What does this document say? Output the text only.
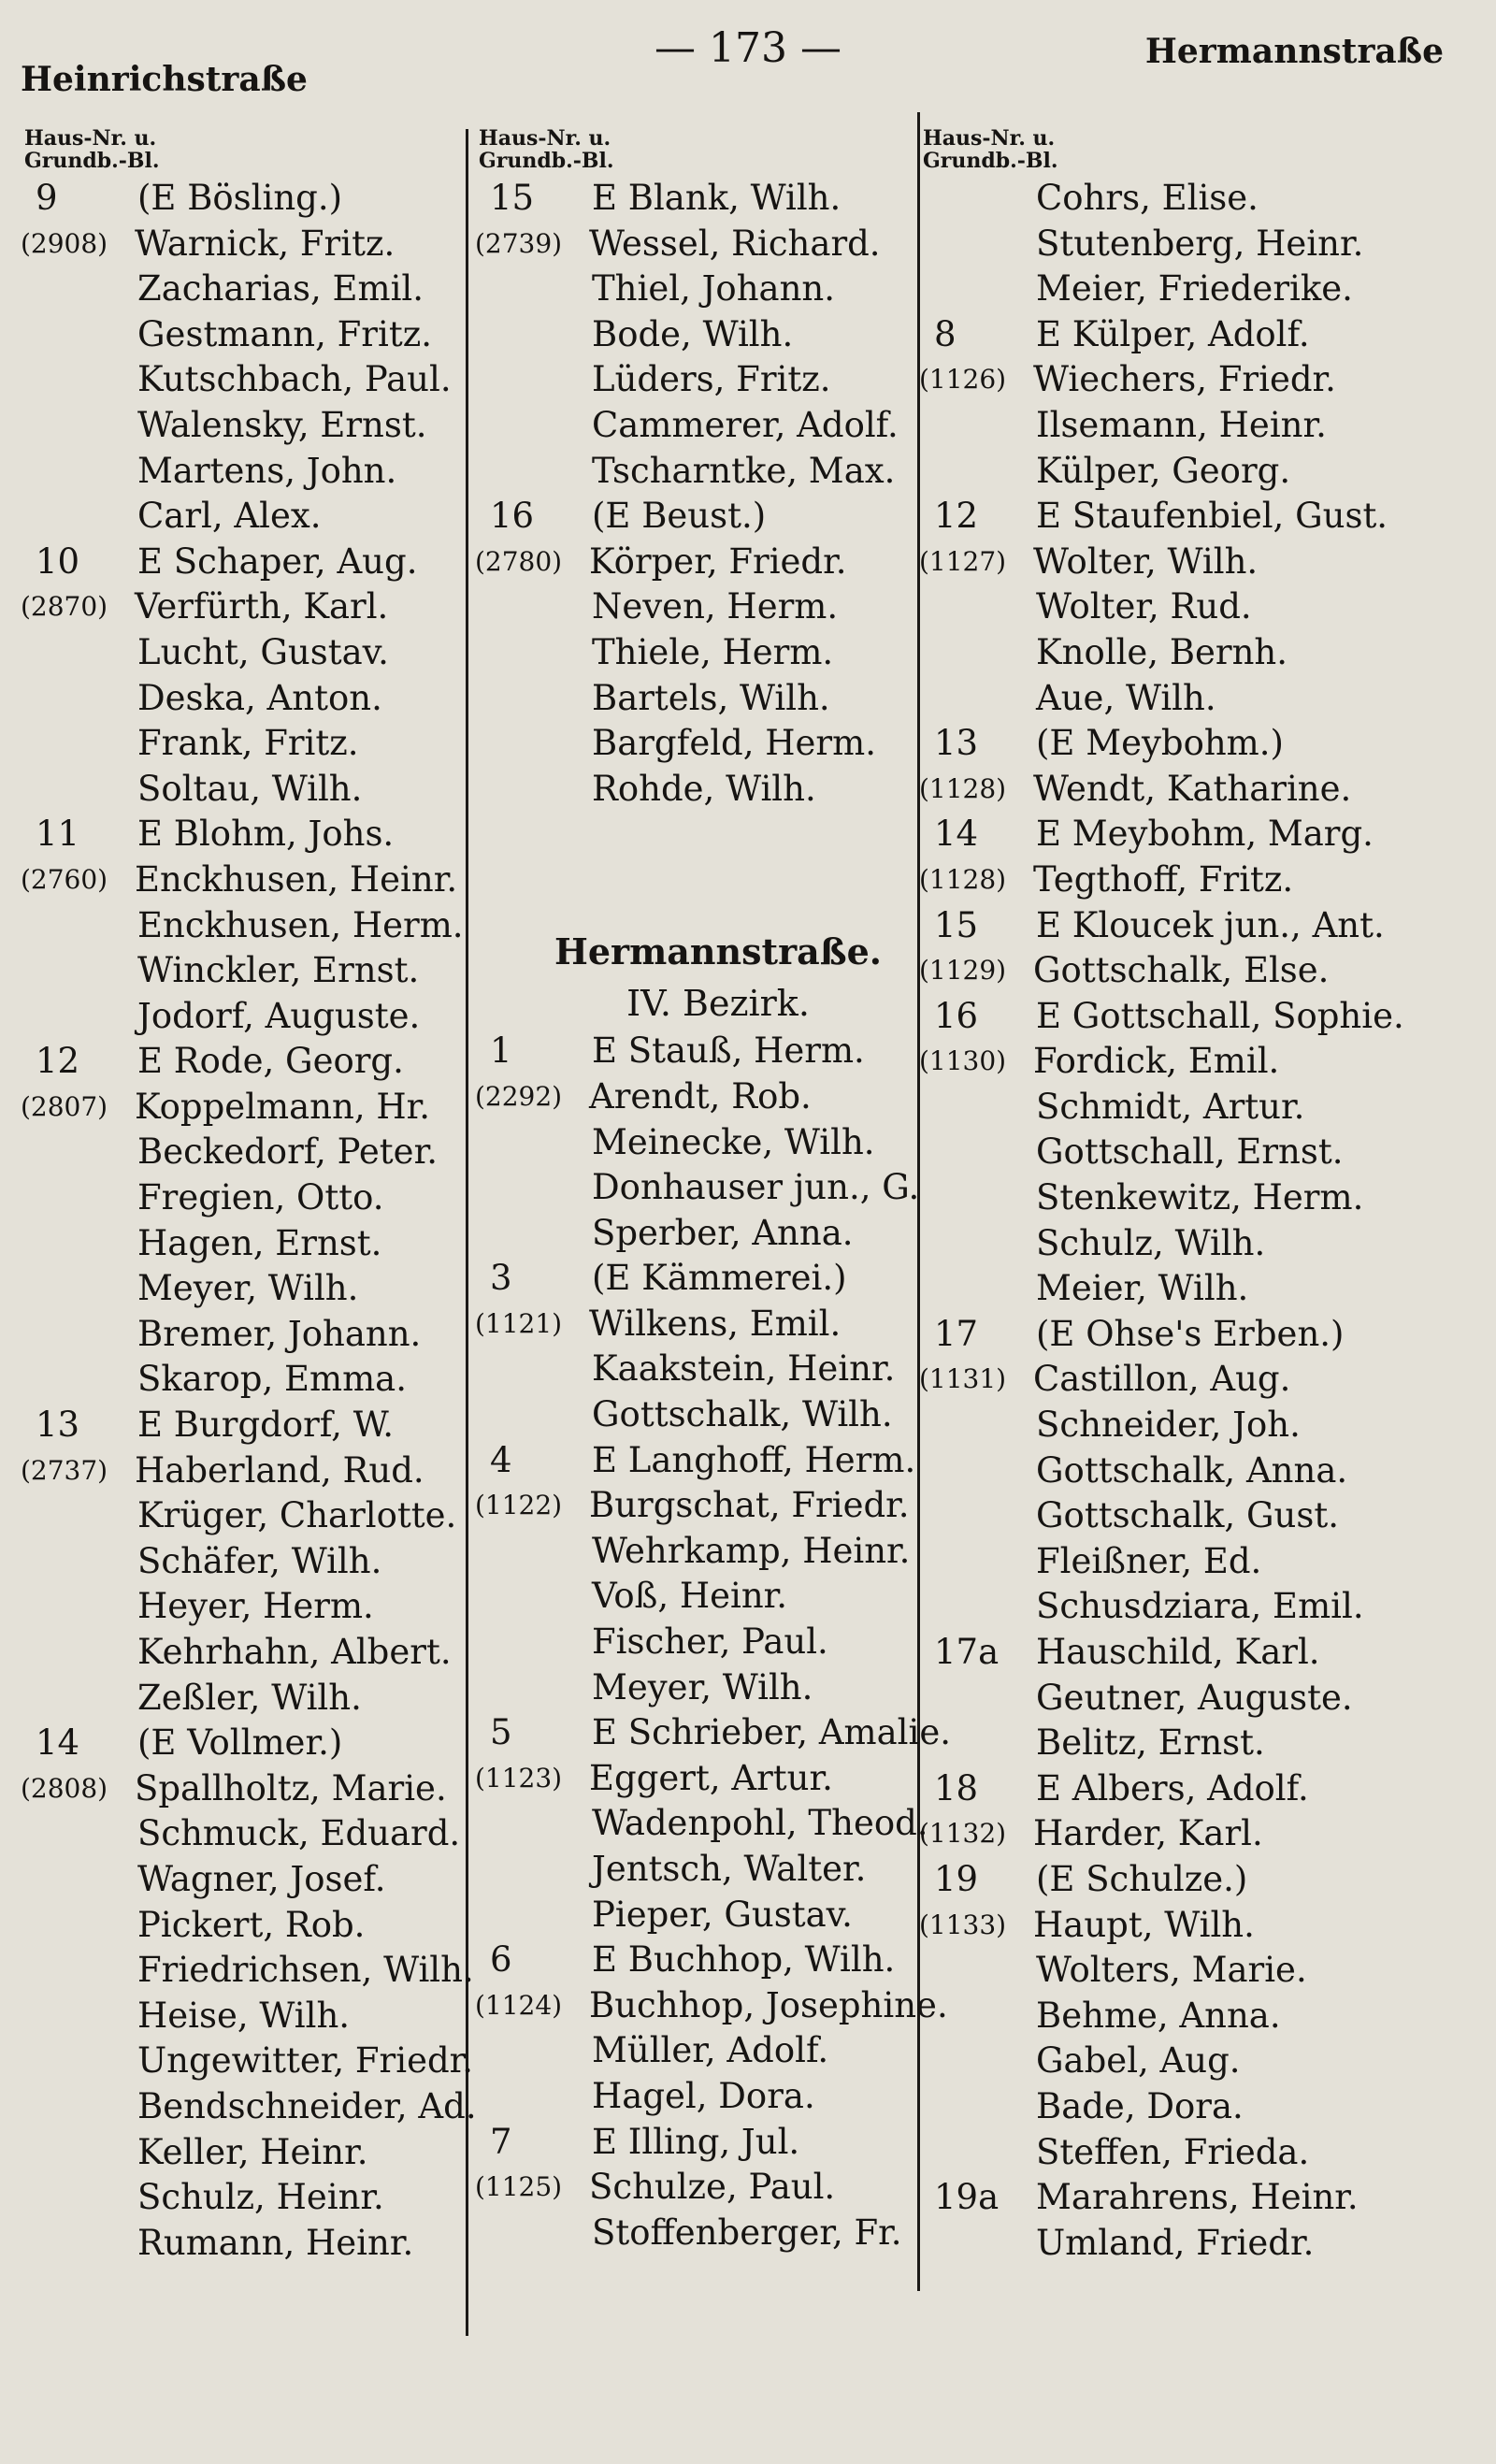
Heinrichstraße
— 173 —	Hermannstraße
Haus-Nr. u.
Grundb.-Bl.
9	(E Bösling.)
(2908) Warnick, Fritz.
Zacharias, Emil.
Gestmann, Fritz.
Kutschbach, Paul.
Walensky, Ernst.
Martens, John.
Carl, Alex.
10	E Schaper, Aug.
(2870) Verfürth, Karl.
Lucht, Gustav.
Deska, Anton.
Frank, Fritz.
Soltau, Wilh.
11	E Blohm, Johs.
(2760) Enckhusen, Heinr.
Enckhusen, Herm.
Winckler, Ernst.
Jodorf, Auguste.
12	E Rode, Georg.
(2807) Koppelmann, Hr.
Beckedorf, Peter.
Fregien, Otto.
Hagen, Ernst.
Meyer, Wilh.
Bremer, Johann.
Skarop, Emma.
13	E Burgdorf, W.
(2737) Haberland, Rud.
Krüger, Charlotte.
Schäfer, Wilh.
Heyer, Herm.
Kehrhahn, Albert.
Zeßler, Wilh.
14	(E Vollmer.)
(2808) Spallholtz, Marie.
Schmuck, Eduard.
Wagner, Josef.
Pickert, Rob.
Friedrichsen, Wilh.
Heise, Wilh.
Ungewitter, Friedr.
Bendschneider, Ad.
Keller, Heinr.
Schulz, Heinr.
Rumann, Heinr.
Haus-Nr. u.
Grundb.-Bl.
15	E Blank, Wilh.
(2739) Wessel, Richard.
Thiel, Johann.
Bode, Wilh.
Lüders, Fritz.
Cammerer, Adolf.
Tscharntke, Max.
16	(E Beust.)
(2780) Körper, Friedr.
Neven, Herm.
Thiele, Herm.
Bartels, Wilh.
Bargfeld, Herm.
Rohde, Wilh.
Hermannstraße.
IV. Bezirk.
1	E Stauß, Herm.
(2292) Arendt, Rob.
Meinecke, Wilh.
Donhauser jun., G.
Sperber, Anna.
3	(E Kämmerei.)
(1121) Wilkens, Emil.
Kaakstein, Heinr.
Gottschalk, Wilh.
4	E Langhoff, Herm.
(1122) Burgschat, Friedr.
Wehrkamp, Heinr.
Voß, Heinr.
Fischer, Paul.
Meyer, Wilh.
5	E Schrieber, Amalie.
(1123) Eggert, Artur.
Wadenpohl, Theod.
Jentsch, Walter.
Pieper, Gustav.
6	E Buchhop, Wilh.
(1124) Buchhop, Josephine.
Müller, Adolf.
Hagel, Dora.
7	E Illing, Jul.
(1125) Schulze, Paul.
Stoffenberger, Fr.
Haus-Nr. u.
Grundb.-Bl.
Cohrs, Elise.
Stutenberg, Heinr.
Meier, Friederike.
8	E Külper, Adolf.
(1126) Wiechers, Friedr.
Ilsemann, Heinr.
Külper, Georg.
12	E Staufenbiel, Gust.
(1127) Wolter, Wilh.
Wolter, Rud.
Knolle, Bernh.
Aue, Wilh.
13	(E Meybohm.)
(1128) Wendt, Katharine.
14	E Meybohm, Marg.
(1128) Tegthoff, Fritz.
15	E Kloucek jun., Ant.
(1129) Gottschalk, Else.
16	E Gottschall, Sophie.
(1130) Fordick, Emil.
Schmidt, Artur.
Gottschall, Ernst.
Stenkewitz, Herm.
Schulz, Wilh.
Meier, Wilh.
17	(E Ohse's Erben.)
(1131) Castillon, Aug.
Schneider, Joh.
Gottschalk, Anna.
Gottschalk, Gust.
Fleißner, Ed.
Schusdziara, Emil.
17a Hauschild, Karl.
Geutner, Auguste.
Belitz, Ernst.
18	E Albers, Adolf.
(1132) Harder, Karl.
19	(E Schulze.)
(1133) Haupt, Wilh.
Wolters, Marie.
Behme, Anna.
Gabel, Aug.
Bade, Dora.
Steffen, Frieda.
19a Marahrens, Heinr.
Umland, Friedr.
